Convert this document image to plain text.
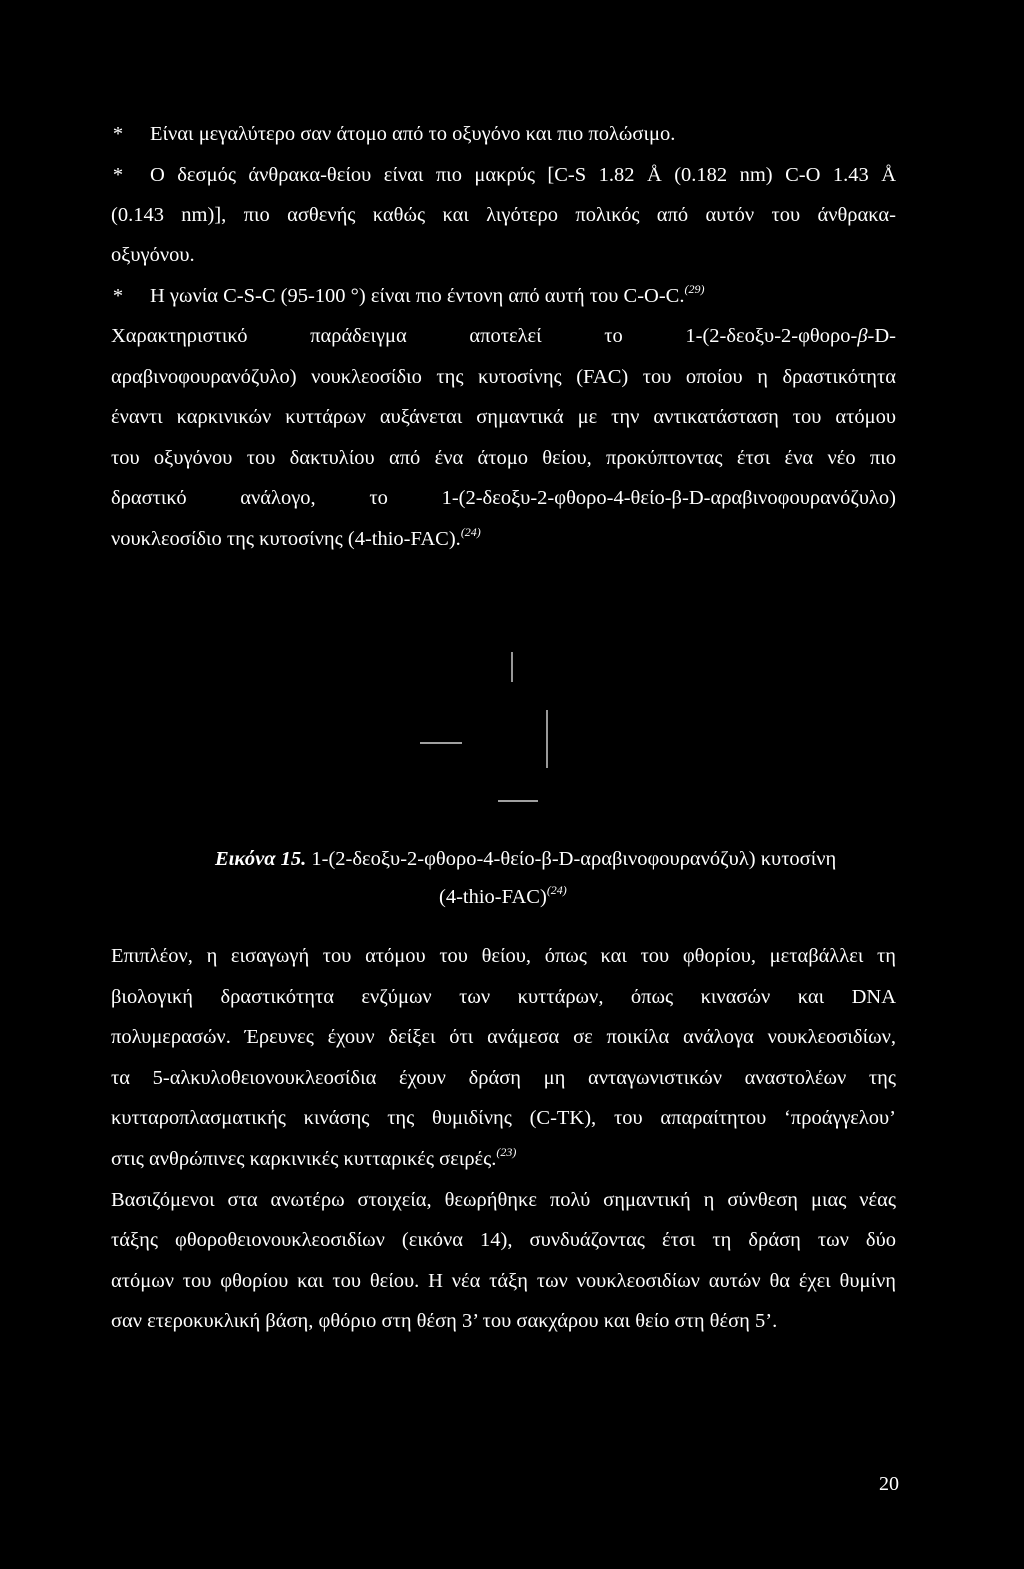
* Είναι μεγαλύτερο σαν άτομο από το οξυγόνο και πιο πολώσιμο.
* Ο δεσμός άνθρακα-θείου είναι πιο μακρύς [C-S 1.82 Å (0.182 nm) C-O 1.43 Å
(0.143 nm)], πιο ασθενής καθώς και λιγότερο πολικός από αυτόν του άνθρακα-
οξυγόνου.
* Η γωνία C-S-C (95-100 °) είναι πιο έντονη από αυτή του C-O-C.$^{(29)}$
Χαρακτηριστικό παράδειγμα αποτελεί το 1-(2-δεοξυ-2-φθορο-β-D-
αραβινοφουρανόζυλο) νουκλεοσίδιο της κυτοσίνης (FAC) του οποίου η δραστικότητα
έναντι καρκινικών κυττάρων αυξάνεται σημαντικά με την αντικατάσταση του ατόμου
του οξυγόνου του δακτυλίου από ένα άτομο θείου, προκύπτοντας έτσι ένα νέο πιο
δραστικό ανάλογο, το 1-(2-δεοξυ-2-φθορο-4-θείο-β-D-αραβινοφουρανόζυλο)
νουκλεοσίδιο της κυτοσίνης (4-thio-FAC).$^{(24)}$
Εικόνα 15. 1-(2-δεοξυ-2-φθορο-4-θείο-β-D-αραβινοφουρανόζυλ) κυτοσίνη
(4-thio-FAC)$^{(24)}$
Επιπλέον, η εισαγωγή του ατόμου του θείου, όπως και του φθορίου, μεταβάλλει τη
βιολογική δραστικότητα ενζύμων των κυττάρων, όπως κινασών και DNA
πολυμερασών. Έρευνες έχουν δείξει ότι ανάμεσα σε ποικίλα ανάλογα νουκλεοσιδίων,
τα 5-αλκυλοθειονουκλεοσίδια έχουν δράση μη ανταγωνιστικών αναστολέων της
κυτταροπλασματικής κινάσης της θυμιδίνης (C-TK), του απαραίτητου ‘προάγγελου’
στις ανθρώπινες καρκινικές κυτταρικές σειρές.$^{(23)}$
Βασιζόμενοι στα ανωτέρω στοιχεία, θεωρήθηκε πολύ σημαντική η σύνθεση μιας νέας
τάξης φθοροθειονουκλεοσιδίων (εικόνα 14), συνδυάζοντας έτσι τη δράση των δύο
ατόμων του φθορίου και του θείου. Η νέα τάξη των νουκλεοσιδίων αυτών θα έχει θυμίνη
σαν ετεροκυκλική βάση, φθόριο στη θέση 3’ του σακχάρου και θείο στη θέση 5’.
20
